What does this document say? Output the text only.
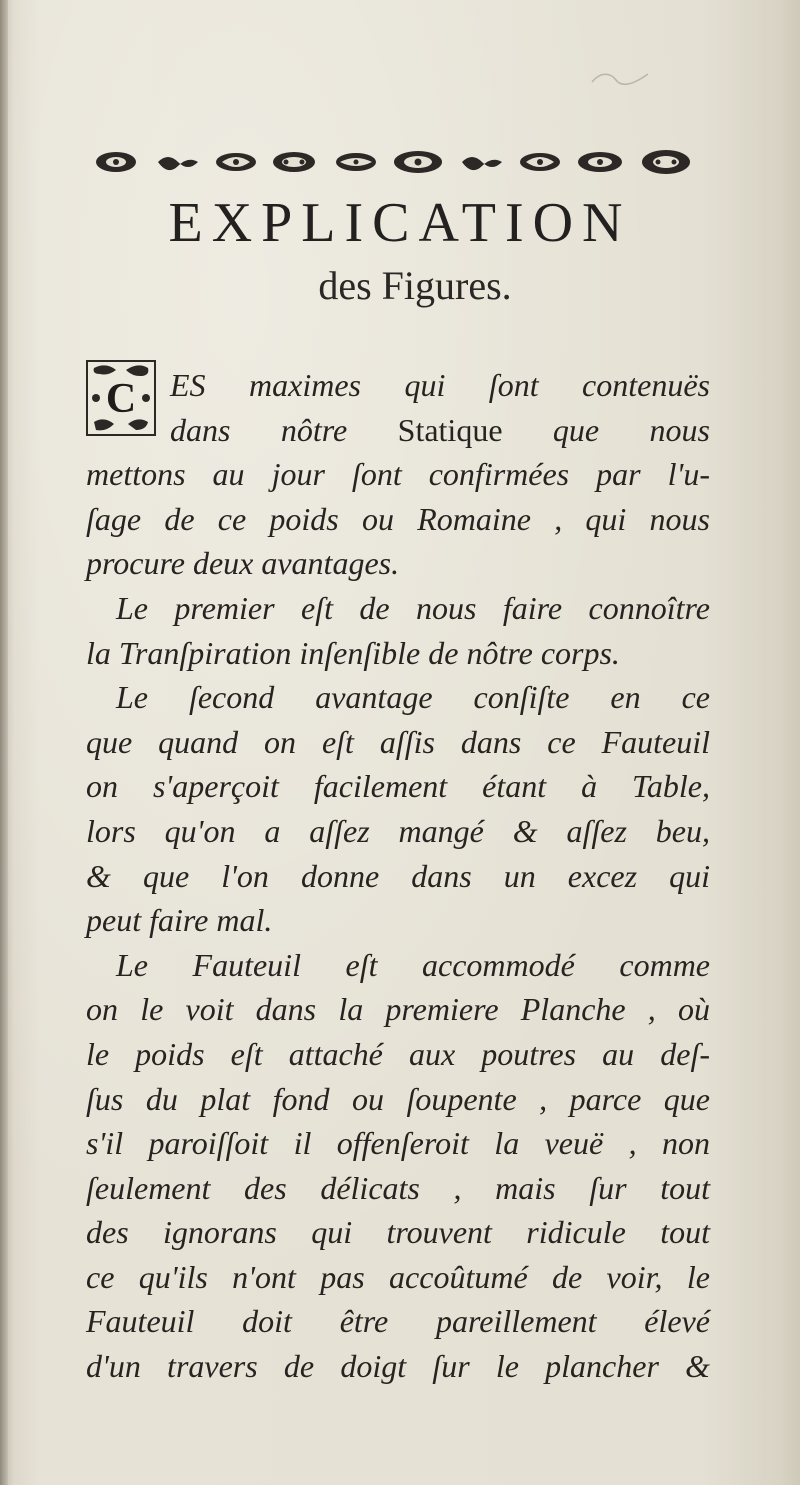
EXPLICATION
des Figures.
C	ES maximes qui ſont contenuës
dans nôtre Statique que nous
mettons au jour ſont confirmées par l'u-
ſage de ce poids ou Romaine , qui nous
procure deux avantages.
Le premier eſt de nous faire connoître
la Tranſpiration inſenſible de nôtre corps.
Le ſecond avantage conſiſte en ce
que quand on eſt aſſis dans ce Fauteuil
on s'aperçoit facilement étant à Table,
lors qu'on a aſſez mangé & aſſez beu,
& que l'on donne dans un excez qui
peut faire mal.
Le Fauteuil eſt accommodé comme
on le voit dans la premiere Planche , où
le poids eſt attaché aux poutres au deſ-
ſus du plat fond ou ſoupente , parce que
s'il paroiſſoit il offenſeroit la veuë , non
ſeulement des délicats , mais ſur tout
des ignorans qui trouvent ridicule tout
ce qu'ils n'ont pas accoûtumé de voir, le
Fauteuil doit être pareillement élevé
d'un travers de doigt ſur le plancher &
